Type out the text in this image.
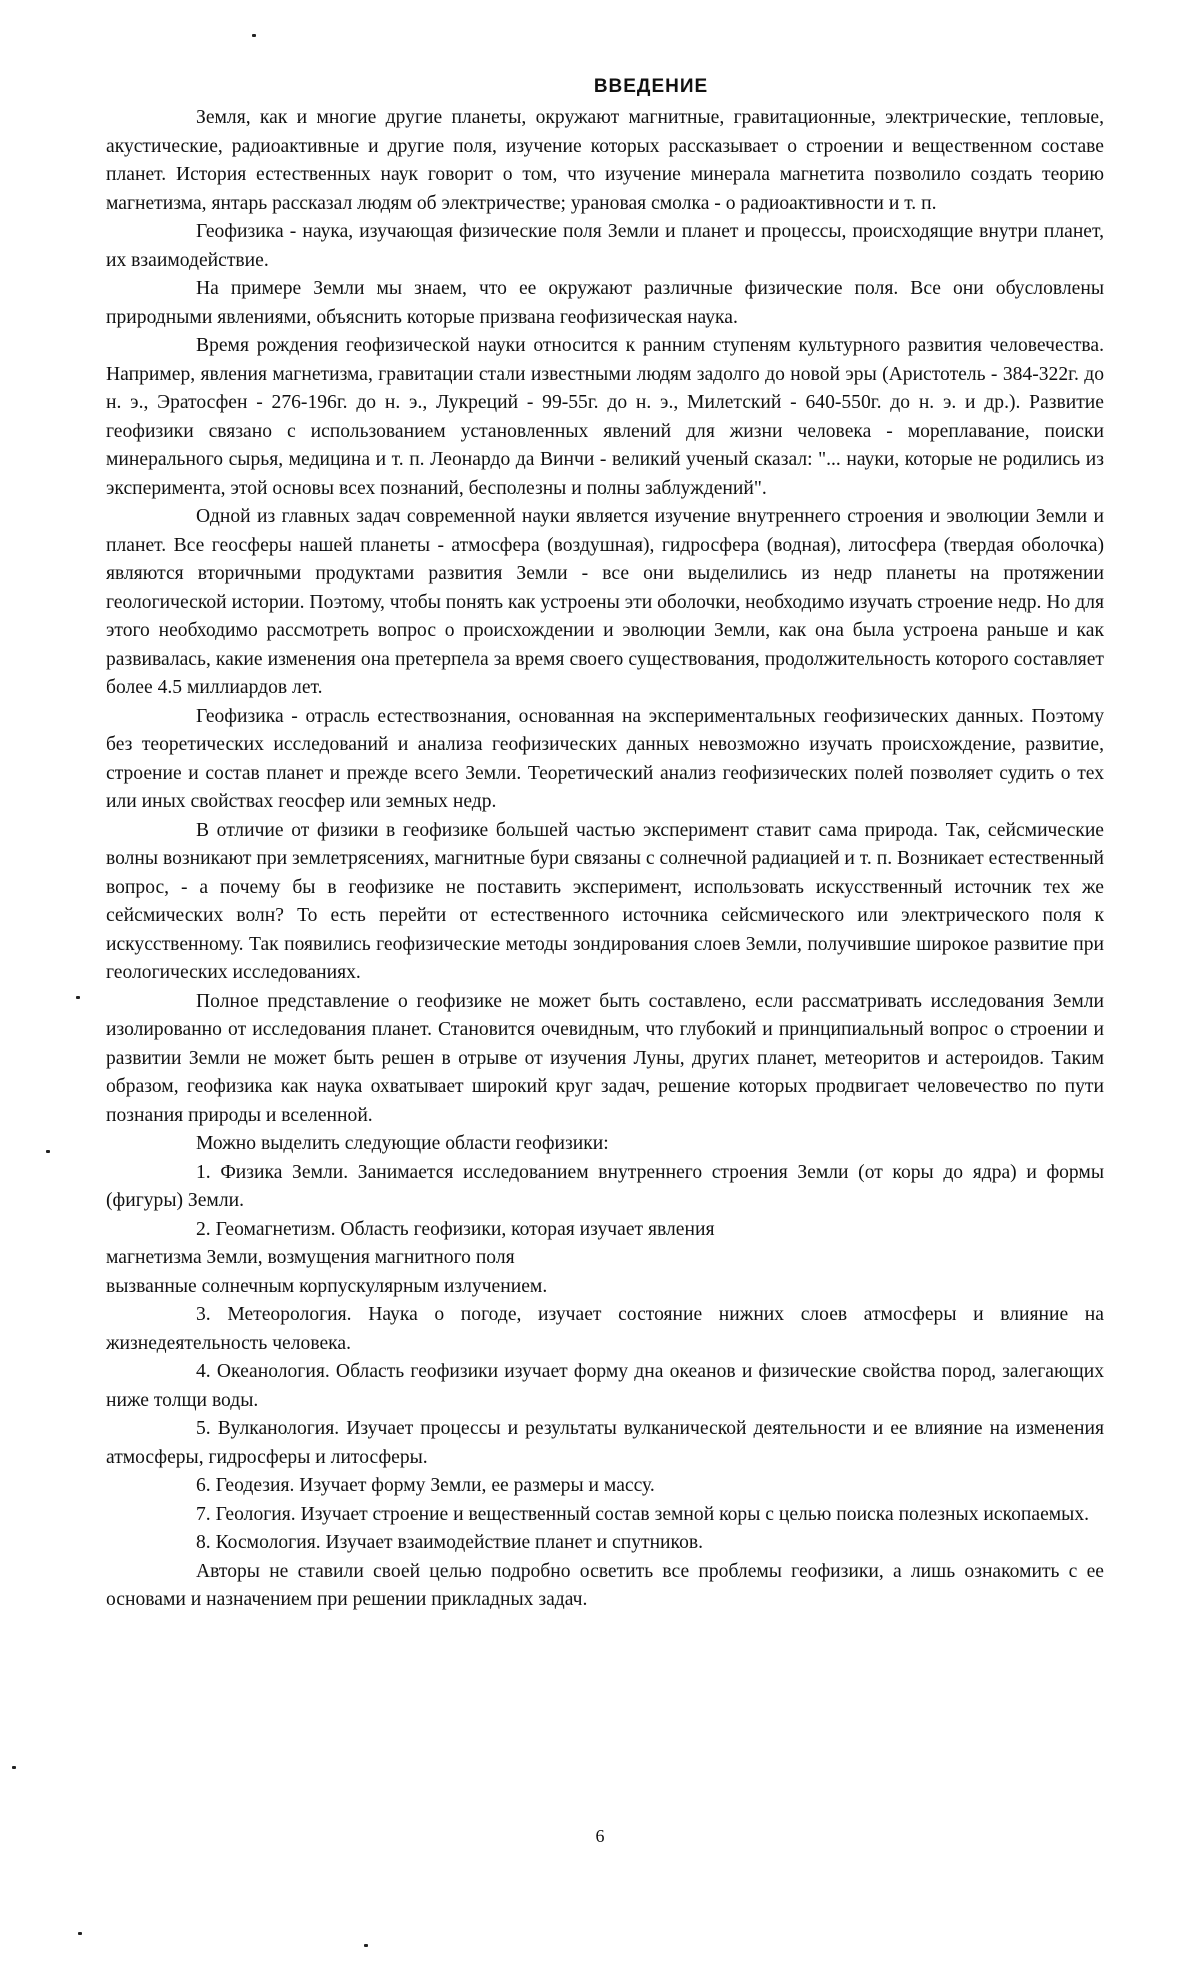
ВВЕДЕНИЕ

Земля, как и многие другие планеты, окружают магнитные, гравитационные, электрические, тепловые, акустические, радиоактивные и другие поля, изучение которых рассказывает о строении и вещественном составе планет. История естественных наук говорит о том, что изучение минерала магнетита позволило создать теорию магнетизма, янтарь рассказал людям об электричестве; урановая смолка - о радиоактивности и т. п.

Геофизика - наука, изучающая физические поля Земли и планет и процессы, происходящие внутри планет, их взаимодействие.

На примере Земли мы знаем, что ее окружают различные физические поля. Все они обусловлены природными явлениями, объяснить которые призвана геофизическая наука.

Время рождения геофизической науки относится к ранним ступеням культурного развития человечества. Например, явления магнетизма, гравитации стали известными людям задолго до новой эры (Аристотель - 384-322г. до н. э., Эратосфен - 276-196г. до н. э., Лукреций - 99-55г. до н. э., Милетский - 640-550г. до н. э. и др.). Развитие геофизики связано с использованием установленных явлений для жизни человека - мореплавание, поиски минерального сырья, медицина и т. п. Леонардо да Винчи - великий ученый сказал: "... науки, которые не родились из эксперимента, этой основы всех познаний, бесполезны и полны заблуждений".

Одной из главных задач современной науки является изучение внутреннего строения и эволюции Земли и планет. Все геосферы нашей планеты - атмосфера (воздушная), гидросфера (водная), литосфера (твердая оболочка) являются вторичными продуктами развития Земли - все они выделились из недр планеты на протяжении геологической истории. Поэтому, чтобы понять как устроены эти оболочки, необходимо изучать строение недр. Но для этого необходимо рассмотреть вопрос о происхождении и эволюции Земли, как она была устроена раньше и как развивалась, какие изменения она претерпела за время своего существования, продолжительность которого составляет более 4.5 миллиардов лет.

Геофизика - отрасль естествознания, основанная на экспериментальных геофизических данных. Поэтому без теоретических исследований и анализа геофизических данных невозможно изучать происхождение, развитие, строение и состав планет и прежде всего Земли. Теоретический анализ геофизических полей позволяет судить о тех или иных свойствах геосфер или земных недр.

В отличие от физики в геофизике большей частью эксперимент ставит сама природа. Так, сейсмические волны возникают при землетрясениях, магнитные бури связаны с солнечной радиацией и т. п. Возникает естественный вопрос, - а почему бы в геофизике не поставить эксперимент, использовать искусственный источник тех же сейсмических волн? То есть перейти от естественного источника сейсмического или электрического поля к искусственному. Так появились геофизические методы зондирования слоев Земли, получившие широкое развитие при геологических исследованиях.

Полное представление о геофизике не может быть составлено, если рассматривать исследования Земли изолированно от исследования планет. Становится очевидным, что глубокий и принципиальный вопрос о строении и развитии Земли не может быть решен в отрыве от изучения Луны, других планет, метеоритов и астероидов. Таким образом, геофизика как наука охватывает широкий круг задач, решение которых продвигает человечество по пути познания природы и вселенной.

Можно выделить следующие области геофизики:

1. Физика Земли. Занимается исследованием внутреннего строения Земли (от коры до ядра) и формы (фигуры) Земли.

2. Геомагнетизм. Область геофизики, которая изучает явления

магнетизма Земли, возмущения магнитного поля

вызванные солнечным корпускулярным излучением.

3. Метеорология. Наука о погоде, изучает состояние нижних слоев атмосферы и влияние на жизнедеятельность человека.

4. Океанология. Область геофизики изучает форму дна океанов и физические свойства пород, залегающих ниже толщи воды.

5. Вулканология. Изучает процессы и результаты вулканической деятельности и ее влияние на изменения атмосферы, гидросферы и литосферы.

6. Геодезия. Изучает форму Земли, ее размеры и массу.

7. Геология. Изучает строение и вещественный состав земной коры с целью поиска полезных ископаемых.

8. Космология. Изучает взаимодействие планет и спутников.

Авторы не ставили своей целью подробно осветить все проблемы геофизики, а лишь ознакомить с ее основами и назначением при решении прикладных задач.

6
